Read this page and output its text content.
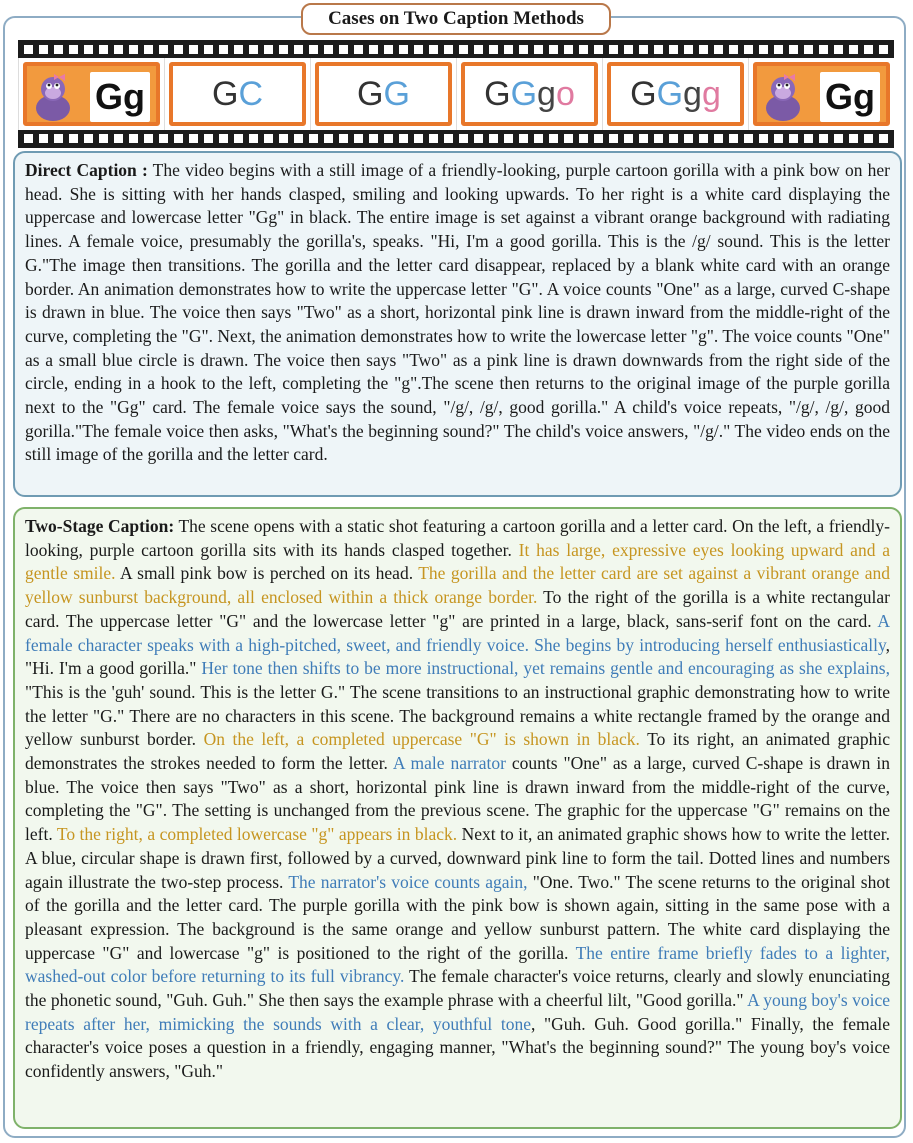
Cases on Two Caption Methods
Gg	GC	GG	GGgo	GGgg	Gg
Direct Caption : The video begins with a still image of a friendly-looking, purple cartoon gorilla with a pink bow on her head. She is sitting with her hands clasped, smiling and looking upwards. To her right is a white card displaying the uppercase and lowercase letter "Gg" in black. The entire image is set against a vibrant orange background with radiating lines. A female voice, presumably the gorilla's, speaks. "Hi, I'm a good gorilla. This is the /g/ sound. This is the letter G."The image then transitions. The gorilla and the letter card disappear, replaced by a blank white card with an orange border. An animation demonstrates how to write the uppercase letter "G". A voice counts "One" as a large, curved C-shape is drawn in blue. The voice then says "Two" as a short, horizontal pink line is drawn inward from the middle-right of the curve, completing the "G". Next, the animation demonstrates how to write the lowercase letter "g". The voice counts "One" as a small blue circle is drawn. The voice then says "Two" as a pink line is drawn downwards from the right side of the circle, ending in a hook to the left, completing the "g".The scene then returns to the original image of the purple gorilla next to the "Gg" card. The female voice says the sound, "/g/, /g/, good gorilla." A child's voice repeats, "/g/, /g/, good gorilla."The female voice then asks, "What's the beginning sound?" The child's voice answers, "/g/." The video ends on the still image of the gorilla and the letter card.
Two-Stage Caption: The scene opens with a static shot featuring a cartoon gorilla and a letter card. On the left, a friendly-looking, purple cartoon gorilla sits with its hands clasped together. It has large, expressive eyes looking upward and a gentle smile. A small pink bow is perched on its head. The gorilla and the letter card are set against a vibrant orange and yellow sunburst background, all enclosed within a thick orange border. To the right of the gorilla is a white rectangular card. The uppercase letter "G" and the lowercase letter "g" are printed in a large, black, sans-serif font on the card. A female character speaks with a high-pitched, sweet, and friendly voice. She begins by introducing herself enthusiastically, "Hi. I'm a good gorilla." Her tone then shifts to be more instructional, yet remains gentle and encouraging as she explains, "This is the 'guh' sound. This is the letter G." The scene transitions to an instructional graphic demonstrating how to write the letter "G." There are no characters in this scene. The background remains a white rectangle framed by the orange and yellow sunburst border. On the left, a completed uppercase "G" is shown in black. To its right, an animated graphic demonstrates the strokes needed to form the letter. A male narrator counts "One" as a large, curved C-shape is drawn in blue. The voice then says "Two" as a short, horizontal pink line is drawn inward from the middle-right of the curve, completing the "G". The setting is unchanged from the previous scene. The graphic for the uppercase "G" remains on the left. To the right, a completed lowercase "g" appears in black. Next to it, an animated graphic shows how to write the letter. A blue, circular shape is drawn first, followed by a curved, downward pink line to form the tail. Dotted lines and numbers again illustrate the two-step process. The narrator's voice counts again, "One. Two." The scene returns to the original shot of the gorilla and the letter card. The purple gorilla with the pink bow is shown again, sitting in the same pose with a pleasant expression. The background is the same orange and yellow sunburst pattern. The white card displaying the uppercase "G" and lowercase "g" is positioned to the right of the gorilla. The entire frame briefly fades to a lighter, washed-out color before returning to its full vibrancy. The female character's voice returns, clearly and slowly enunciating the phonetic sound, "Guh. Guh." She then says the example phrase with a cheerful lilt, "Good gorilla." A young boy's voice repeats after her, mimicking the sounds with a clear, youthful tone, "Guh. Guh. Good gorilla." Finally, the female character's voice poses a question in a friendly, engaging manner, "What's the beginning sound?" The young boy's voice confidently answers, "Guh."
